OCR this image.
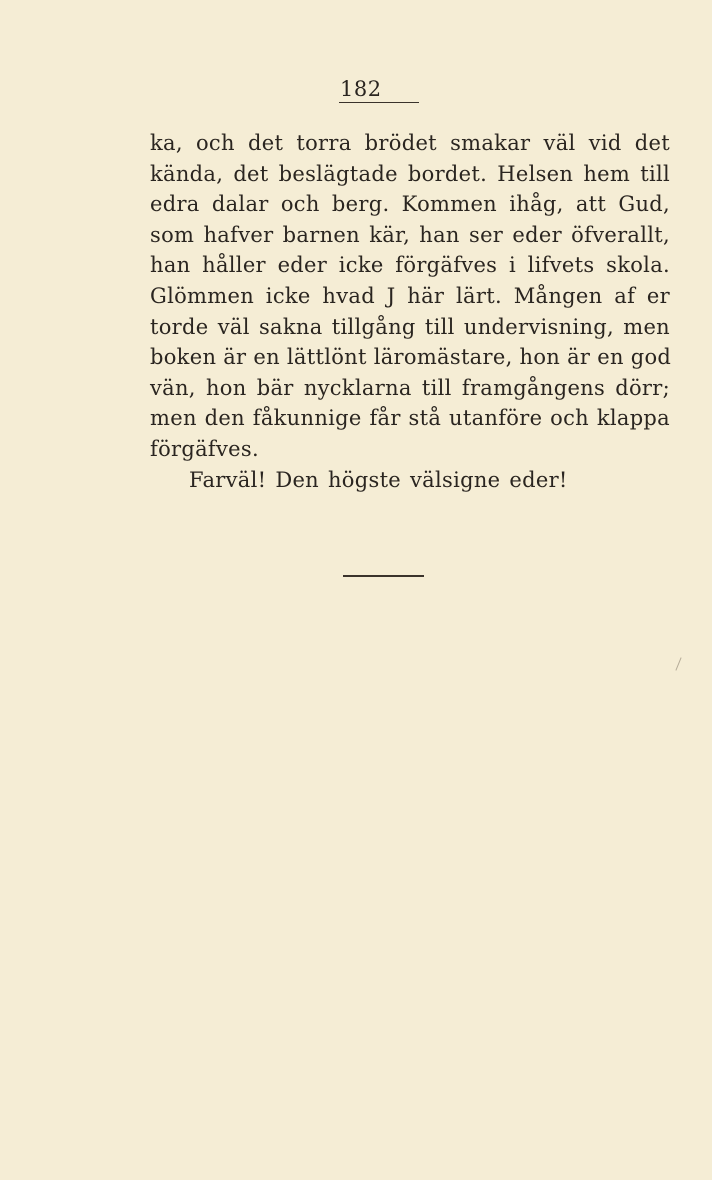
182
ka, och det torra brödet smakar väl vid det
kända, det beslägtade bordet. Helsen hem till
edra dalar och berg. Kommen ihåg, att Gud,
som hafver barnen kär, han ser eder öfverallt,
han håller eder icke förgäfves i lifvets skola.
Glömmen icke hvad J här lärt. Mången af er
torde väl sakna tillgång till undervisning, men
boken är en lättlönt läromästare, hon är en god
vän, hon bär nycklarna till framgångens dörr;
men den fåkunnige får stå utanföre och klappa
förgäfves.
Farväl! Den högste välsigne eder!
